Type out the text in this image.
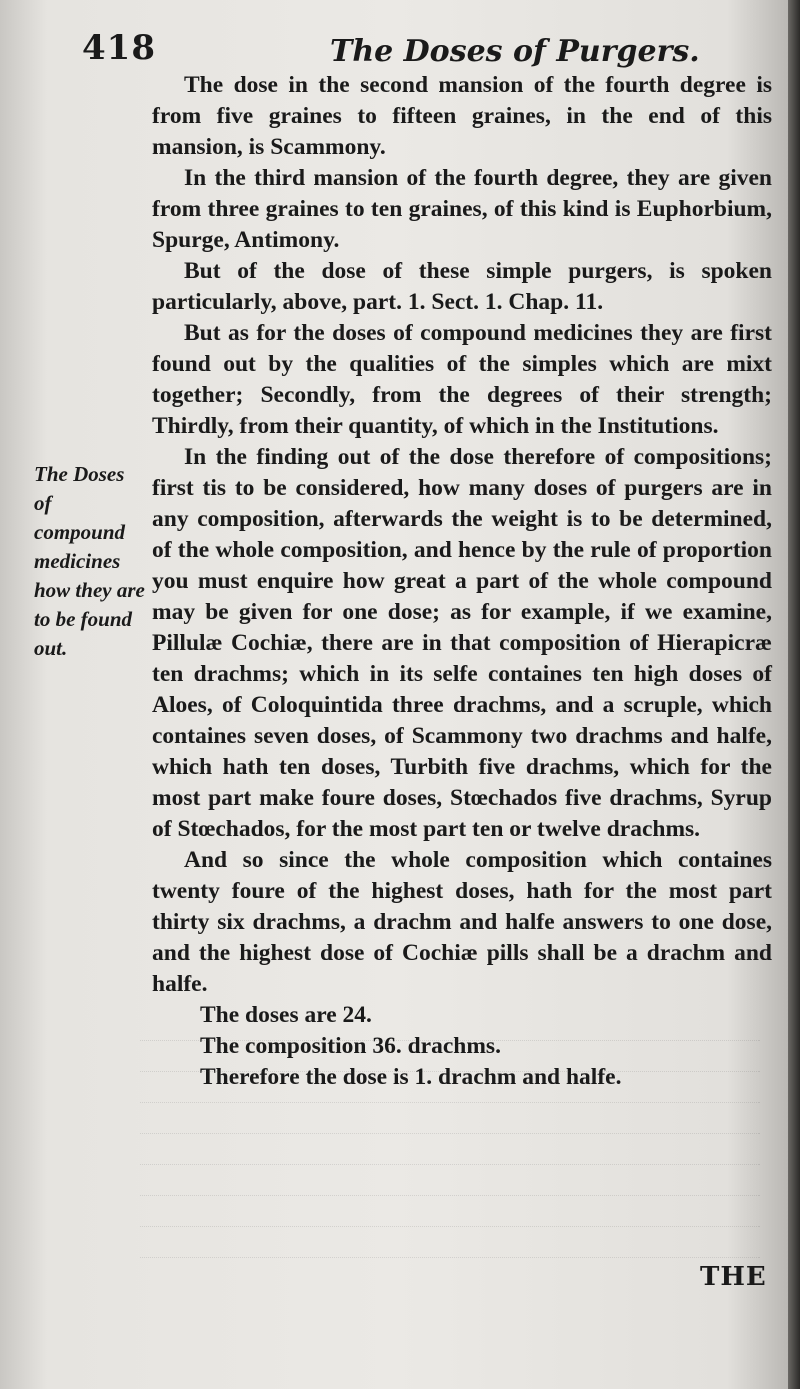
418	The Doses of Purgers.
The Doses of compound medicines how they are to be found out.

The dose in the second mansion of the fourth degree is from five graines to fifteen graines, in the end of this mansion, is Scammony.

In the third mansion of the fourth degree, they are given from three graines to ten graines, of this kind is Euphorbium, Spurge, Antimony.

But of the dose of these simple purgers, is spoken particularly, above, part. 1. Sect. 1. Chap. 11.

But as for the doses of compound medicines they are first found out by the qualities of the simples which are mixt together; Secondly, from the degrees of their strength; Thirdly, from their quantity, of which in the Institutions.

In the finding out of the dose therefore of compositions; first tis to be considered, how many doses of purgers are in any composition, afterwards the weight is to be determined, of the whole composition, and hence by the rule of proportion you must enquire how great a part of the whole compound may be given for one dose; as for example, if we examine, Pillulæ Cochiæ, there are in that composition of Hierapicræ ten drachms; which in its selfe containes ten high doses of Aloes, of Coloquintida three drachms, and a scruple, which containes seven doses, of Scammony two drachms and halfe, which hath ten doses, Turbith five drachms, which for the most part make foure doses, Stœchados five drachms, Syrup of Stœchados, for the most part ten or twelve drachms.

And so since the whole composition which containes twenty foure of the highest doses, hath for the most part thirty six drachms, a drachm and halfe answers to one dose, and the highest dose of Cochiæ pills shall be a drachm and halfe.

The doses are 24.

The composition 36. drachms.

Therefore the dose is 1. drachm and halfe.

THE
